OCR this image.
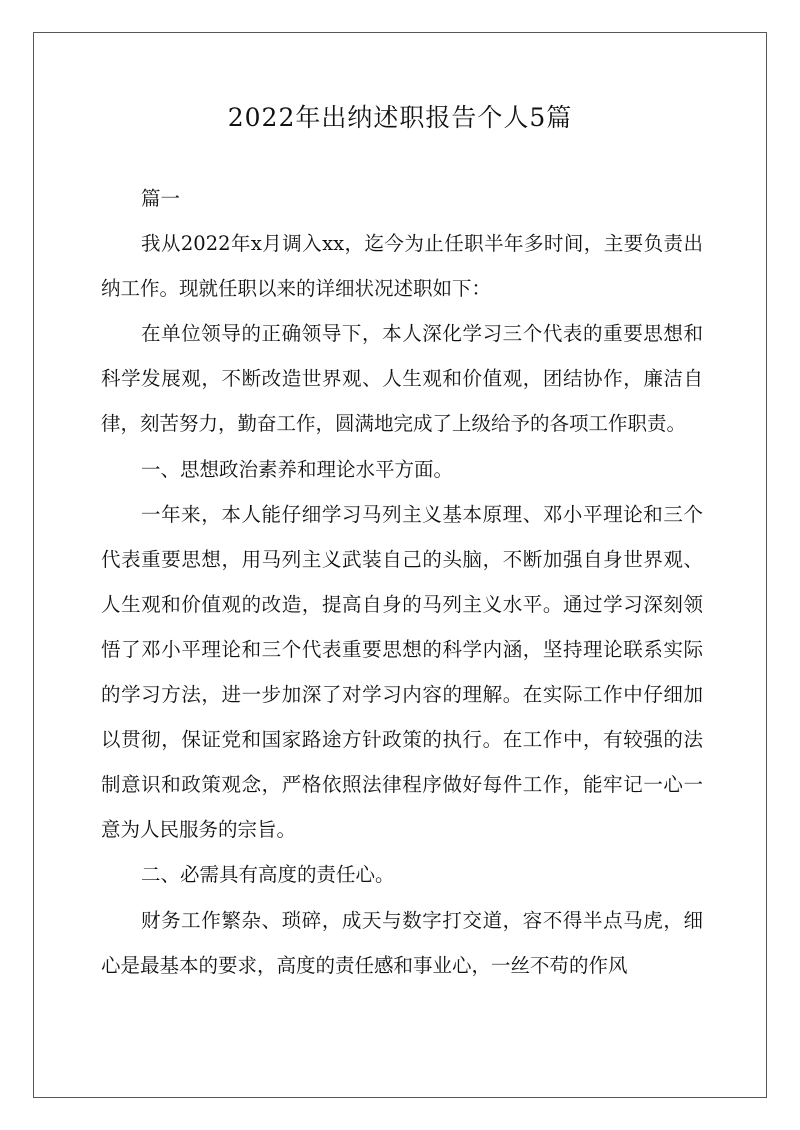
2022年出纳述职报告个人5篇

篇一

我从2022年x月调入xx，迄今为止任职半年多时间，主要负责出纳工作。现就任职以来的详细状况述职如下：

在单位领导的正确领导下，本人深化学习三个代表的重要思想和科学发展观，不断改造世界观、人生观和价值观，团结协作，廉洁自律，刻苦努力，勤奋工作，圆满地完成了上级给予的各项工作职责。

一、思想政治素养和理论水平方面。

一年来，本人能仔细学习马列主义基本原理、邓小平理论和三个代表重要思想，用马列主义武装自己的头脑，不断加强自身世界观、人生观和价值观的改造，提高自身的马列主义水平。通过学习深刻领悟了邓小平理论和三个代表重要思想的科学内涵，坚持理论联系实际的学习方法，进一步加深了对学习内容的理解。在实际工作中仔细加以贯彻，保证党和国家路途方针政策的执行。在工作中，有较强的法制意识和政策观念，严格依照法律程序做好每件工作，能牢记一心一意为人民服务的宗旨。

二、必需具有高度的责任心。

财务工作繁杂、琐碎，成天与数字打交道，容不得半点马虎，细心是最基本的要求，高度的责任感和事业心，一丝不苟的作风
